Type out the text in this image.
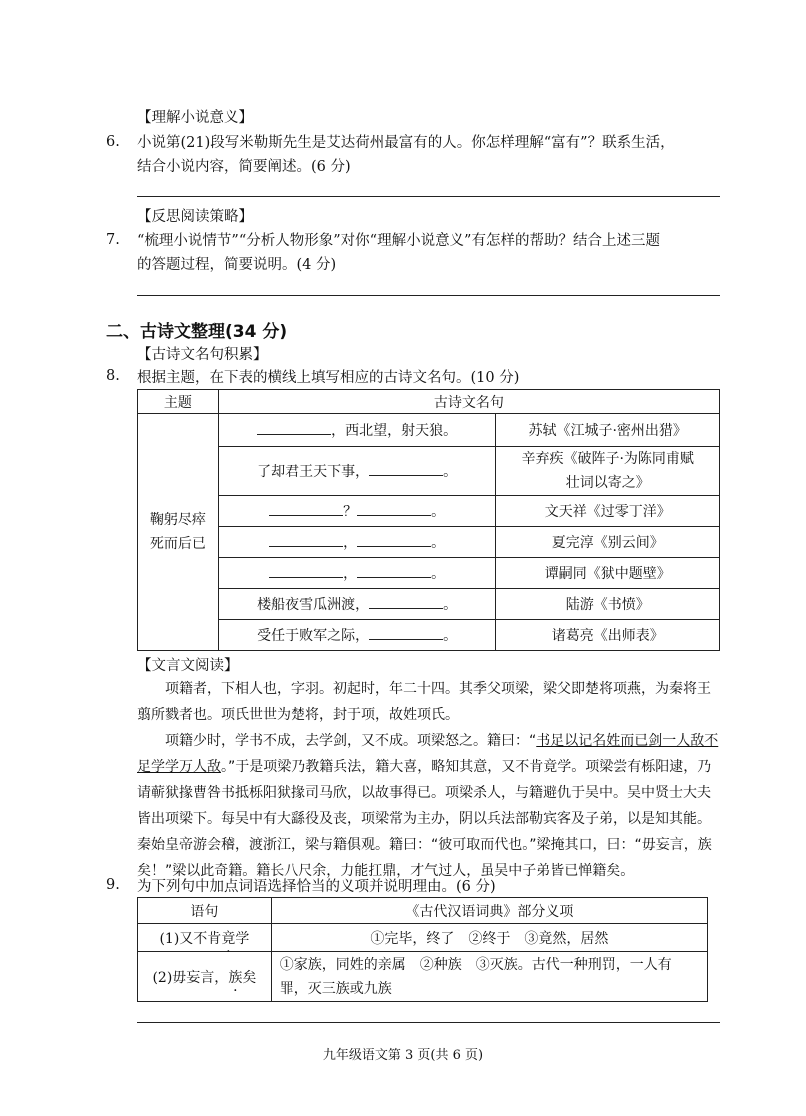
【理解小说意义】
6. 小说第(21)段写米勒斯先生是艾达荷州最富有的人。你怎样理解“富有”？联系生活，
结合小说内容，简要阐述。(6 分)
【反思阅读策略】
7. “梳理小说情节”“分析人物形象”对你“理解小说意义”有怎样的帮助？结合上述三题
的答题过程，简要说明。(4 分)
二、古诗文整理(34 分)
【古诗文名句积累】
8. 根据主题，在下表的横线上填写相应的古诗文名句。(10 分)
主题	古诗文名句	

鞠躬尽瘁
死而后已	，西北望，射天狼。	苏轼《江城子·密州出猎》
	了却君王天下事， 。	辛弃疾《破阵子·为陈同甫赋
壮词以寄之》

	？ 。	文天祥《过零丁洋》
	， 。	夏完淳《别云间》
	， 。	谭嗣同《狱中题壁》
	楼船夜雪瓜洲渡， 。	陆游《书愤》
	受任于败军之际， 。	诸葛亮《出师表》
【文言文阅读】

项籍者，下相人也，字羽。初起时，年二十四。其季父项梁，梁父即楚将项燕，为秦将王翦所戮者也。项氏世世为楚将，封于项，故姓项氏。

项籍少时，学书不成，去学剑，又不成。项梁怒之。籍曰：“书足以记名姓而已剑一人敌不足学学万人敌。”于是项梁乃教籍兵法，籍大喜，略知其意，又不肯竟学。项梁尝有栎阳逮，乃请蕲狱掾曹咎书抵栎阳狱掾司马欣，以故事得已。项梁杀人，与籍避仇于吴中。吴中贤士大夫皆出项梁下。每吴中有大繇役及丧，项梁常为主办，阴以兵法部勒宾客及子弟，以是知其能。秦始皇帝游会稽，渡浙江，梁与籍俱观。籍曰：“彼可取而代也。”梁掩其口，曰：“毋妄言，族矣！”梁以此奇籍。籍长八尺余，力能扛鼎，才气过人，虽吴中子弟皆已惮籍矣。

9. 为下列句中加点词语选择恰当的义项并说明理由。(6 分)
语句	《古代汉语词典》部分义项
(1)又不肯竟学	①完毕，终了　②终于　③竟然，居然
(2)毋妄言，族矣	①家族，同姓的亲属　②种族　③灭族。古代一种刑罚，一人有
罪，灭三族或九族
九年级语文第 3 页(共 6 页)
